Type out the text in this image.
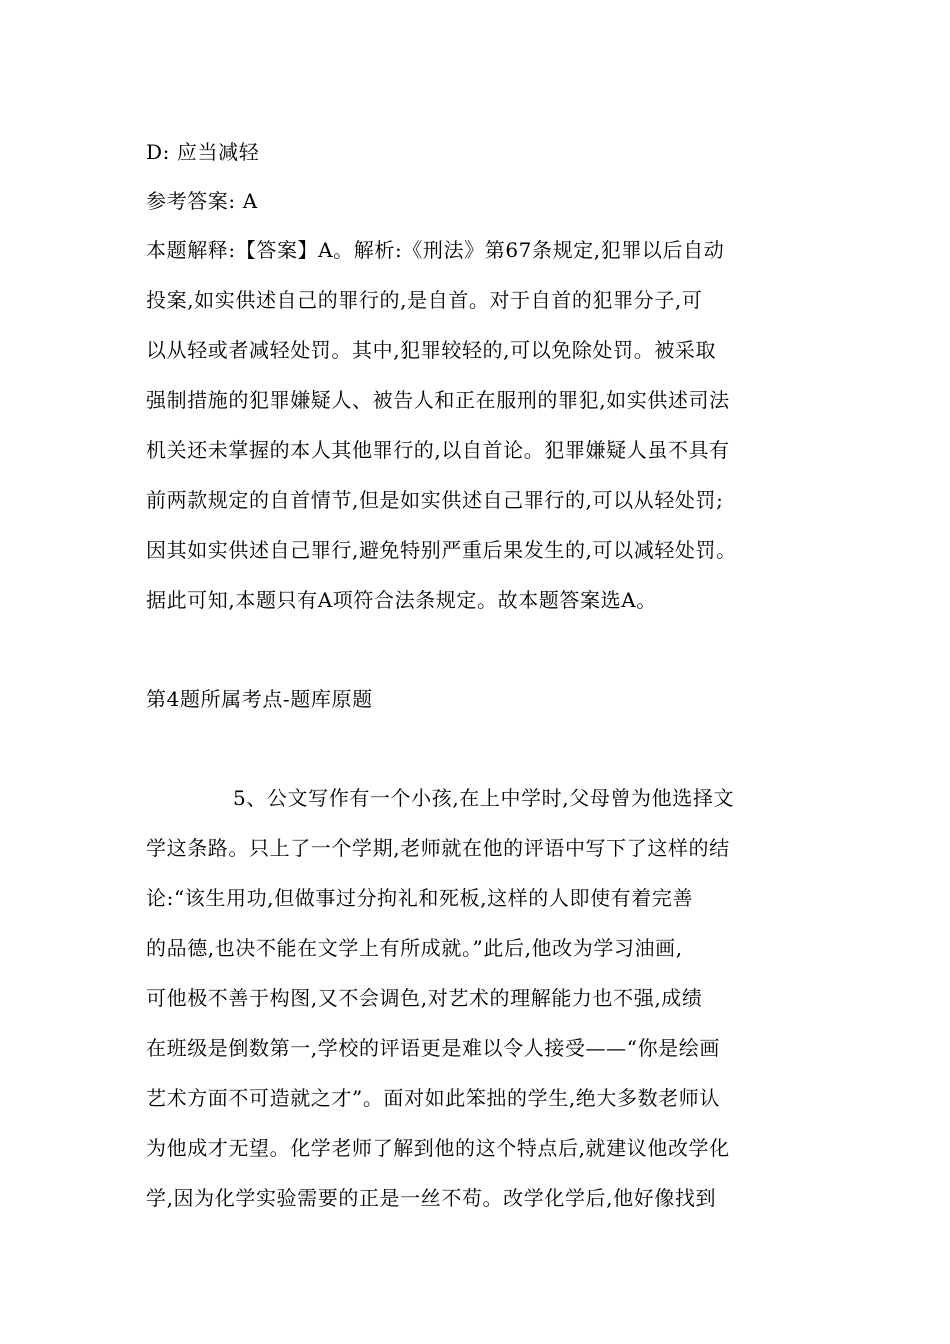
D: 应当减轻
参考答案: A
本题解释:【答案】A。解析:《刑法》第67条规定,犯罪以后自动
投案,如实供述自己的罪行的,是自首。对于自首的犯罪分子,可
以从轻或者减轻处罚。其中,犯罪较轻的,可以免除处罚。被采取
强制措施的犯罪嫌疑人、被告人和正在服刑的罪犯,如实供述司法
机关还未掌握的本人其他罪行的,以自首论。犯罪嫌疑人虽不具有
前两款规定的自首情节,但是如实供述自己罪行的,可以从轻处罚;
因其如实供述自己罪行,避免特别严重后果发生的,可以减轻处罚。
据此可知,本题只有A项符合法条规定。故本题答案选A。
第4题所属考点-题库原题
5、公文写作有一个小孩,在上中学时,父母曾为他选择文
学这条路。只上了一个学期,老师就在他的评语中写下了这样的结
论:“该生用功,但做事过分拘礼和死板,这样的人即使有着完善
的品德,也决不能在文学上有所成就。”此后,他改为学习油画,
可他极不善于构图,又不会调色,对艺术的理解能力也不强,成绩
在班级是倒数第一,学校的评语更是难以令人接受——“你是绘画
艺术方面不可造就之才”。面对如此笨拙的学生,绝大多数老师认
为他成才无望。化学老师了解到他的这个特点后,就建议他改学化
学,因为化学实验需要的正是一丝不苟。改学化学后,他好像找到
